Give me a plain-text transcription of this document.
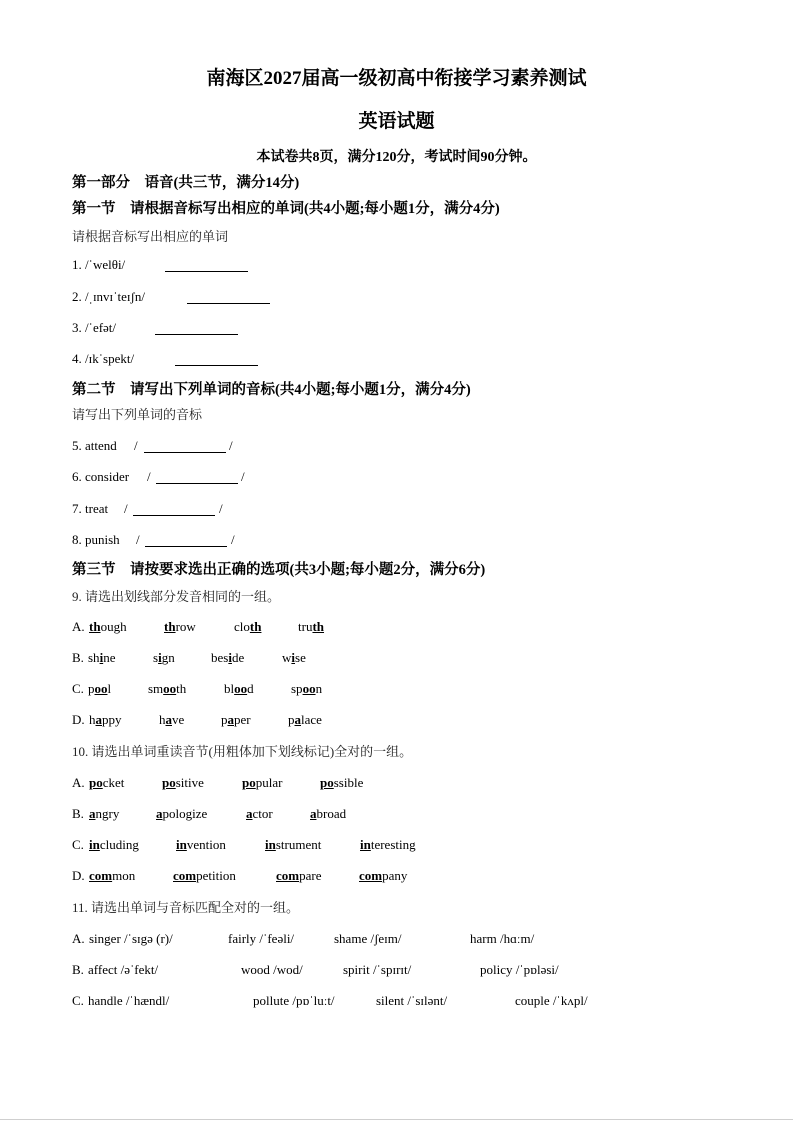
南海区2027届高一级初高中衔接学习素养测试
英语试题
本试卷共8页，满分120分，考试时间90分钟。
第一部分　语音(共三节，满分14分)
第一节　请根据音标写出相应的单词(共4小题;每小题1分，满分4分)
请根据音标写出相应的单词
1. /ˈwelθi/
2. /ˌɪnvɪˈteɪʃn/
3. /ˈefət/
4. /ɪkˈspekt/
第二节　请写出下列单词的音标(共4小题;每小题1分，满分4分)
请写出下列单词的音标
5. attend /	/
6. consider /	/
7. treat /	/
8. punish /	/
第三节　请按要求选出正确的选项(共3小题;每小题2分，满分6分)
9. 请选出划线部分发音相同的一组。
A. though	throw	cloth	truth
B. shine	sign	beside	wise
C. pool	smooth	blood	spoon
D. happy	have	paper	palace
10. 请选出单词重读音节(用粗体加下划线标记)全对的一组。
A. pocket	positive	popular	possible
B. angry	apologize	actor	abroad
C. including	invention	instrument	interesting
D. common	competition	compare	company
11. 请选出单词与音标匹配全对的一组。
A. singer /ˈsɪgə (r)/	fairly /ˈfeəli/	shame /ʃeɪm/	harm /hɑːm/
B. affect /əˈfekt/	wood /wod/	spirit /ˈspɪrɪt/	policy /ˈpɒləsi/
C. handle /ˈhændl/	pollute /pɒˈluːt/	silent /ˈsɪlənt/	couple /ˈkʌpl/
